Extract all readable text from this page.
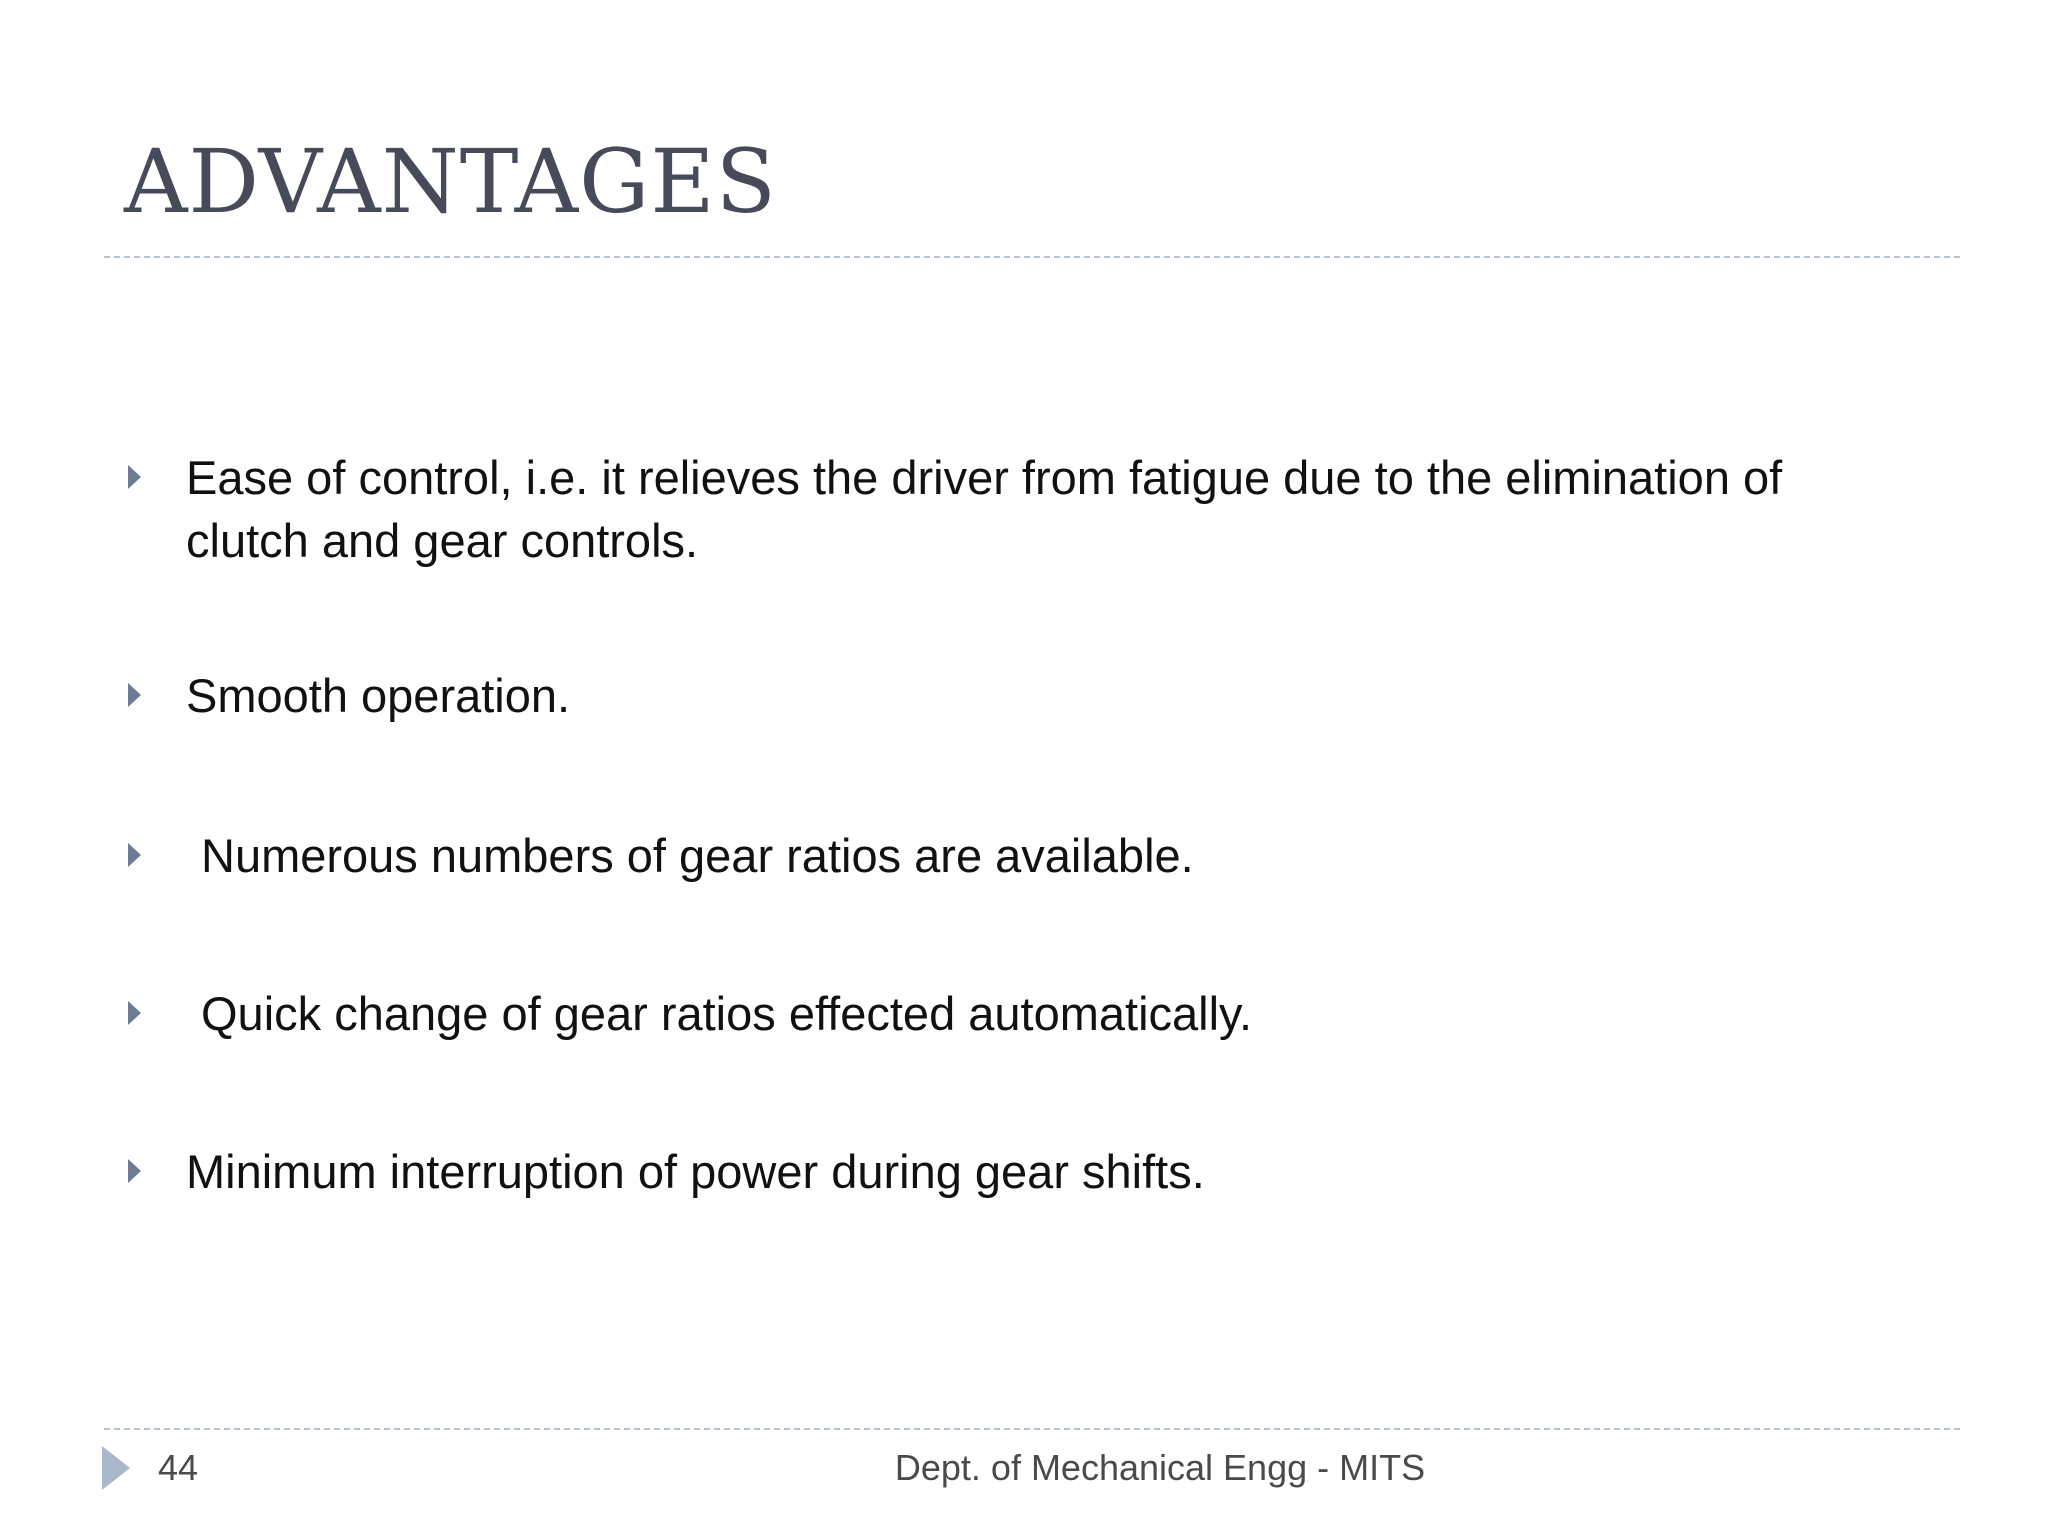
ADVANTAGES

Ease of control, i.e. it relieves the driver from fatigue due to the elimination of clutch and gear controls.

Smooth operation.

Numerous numbers of gear ratios are available.

Quick change of gear ratios effected automatically.

Minimum interruption of power during gear shifts.

44	Dept. of Mechanical Engg - MITS
